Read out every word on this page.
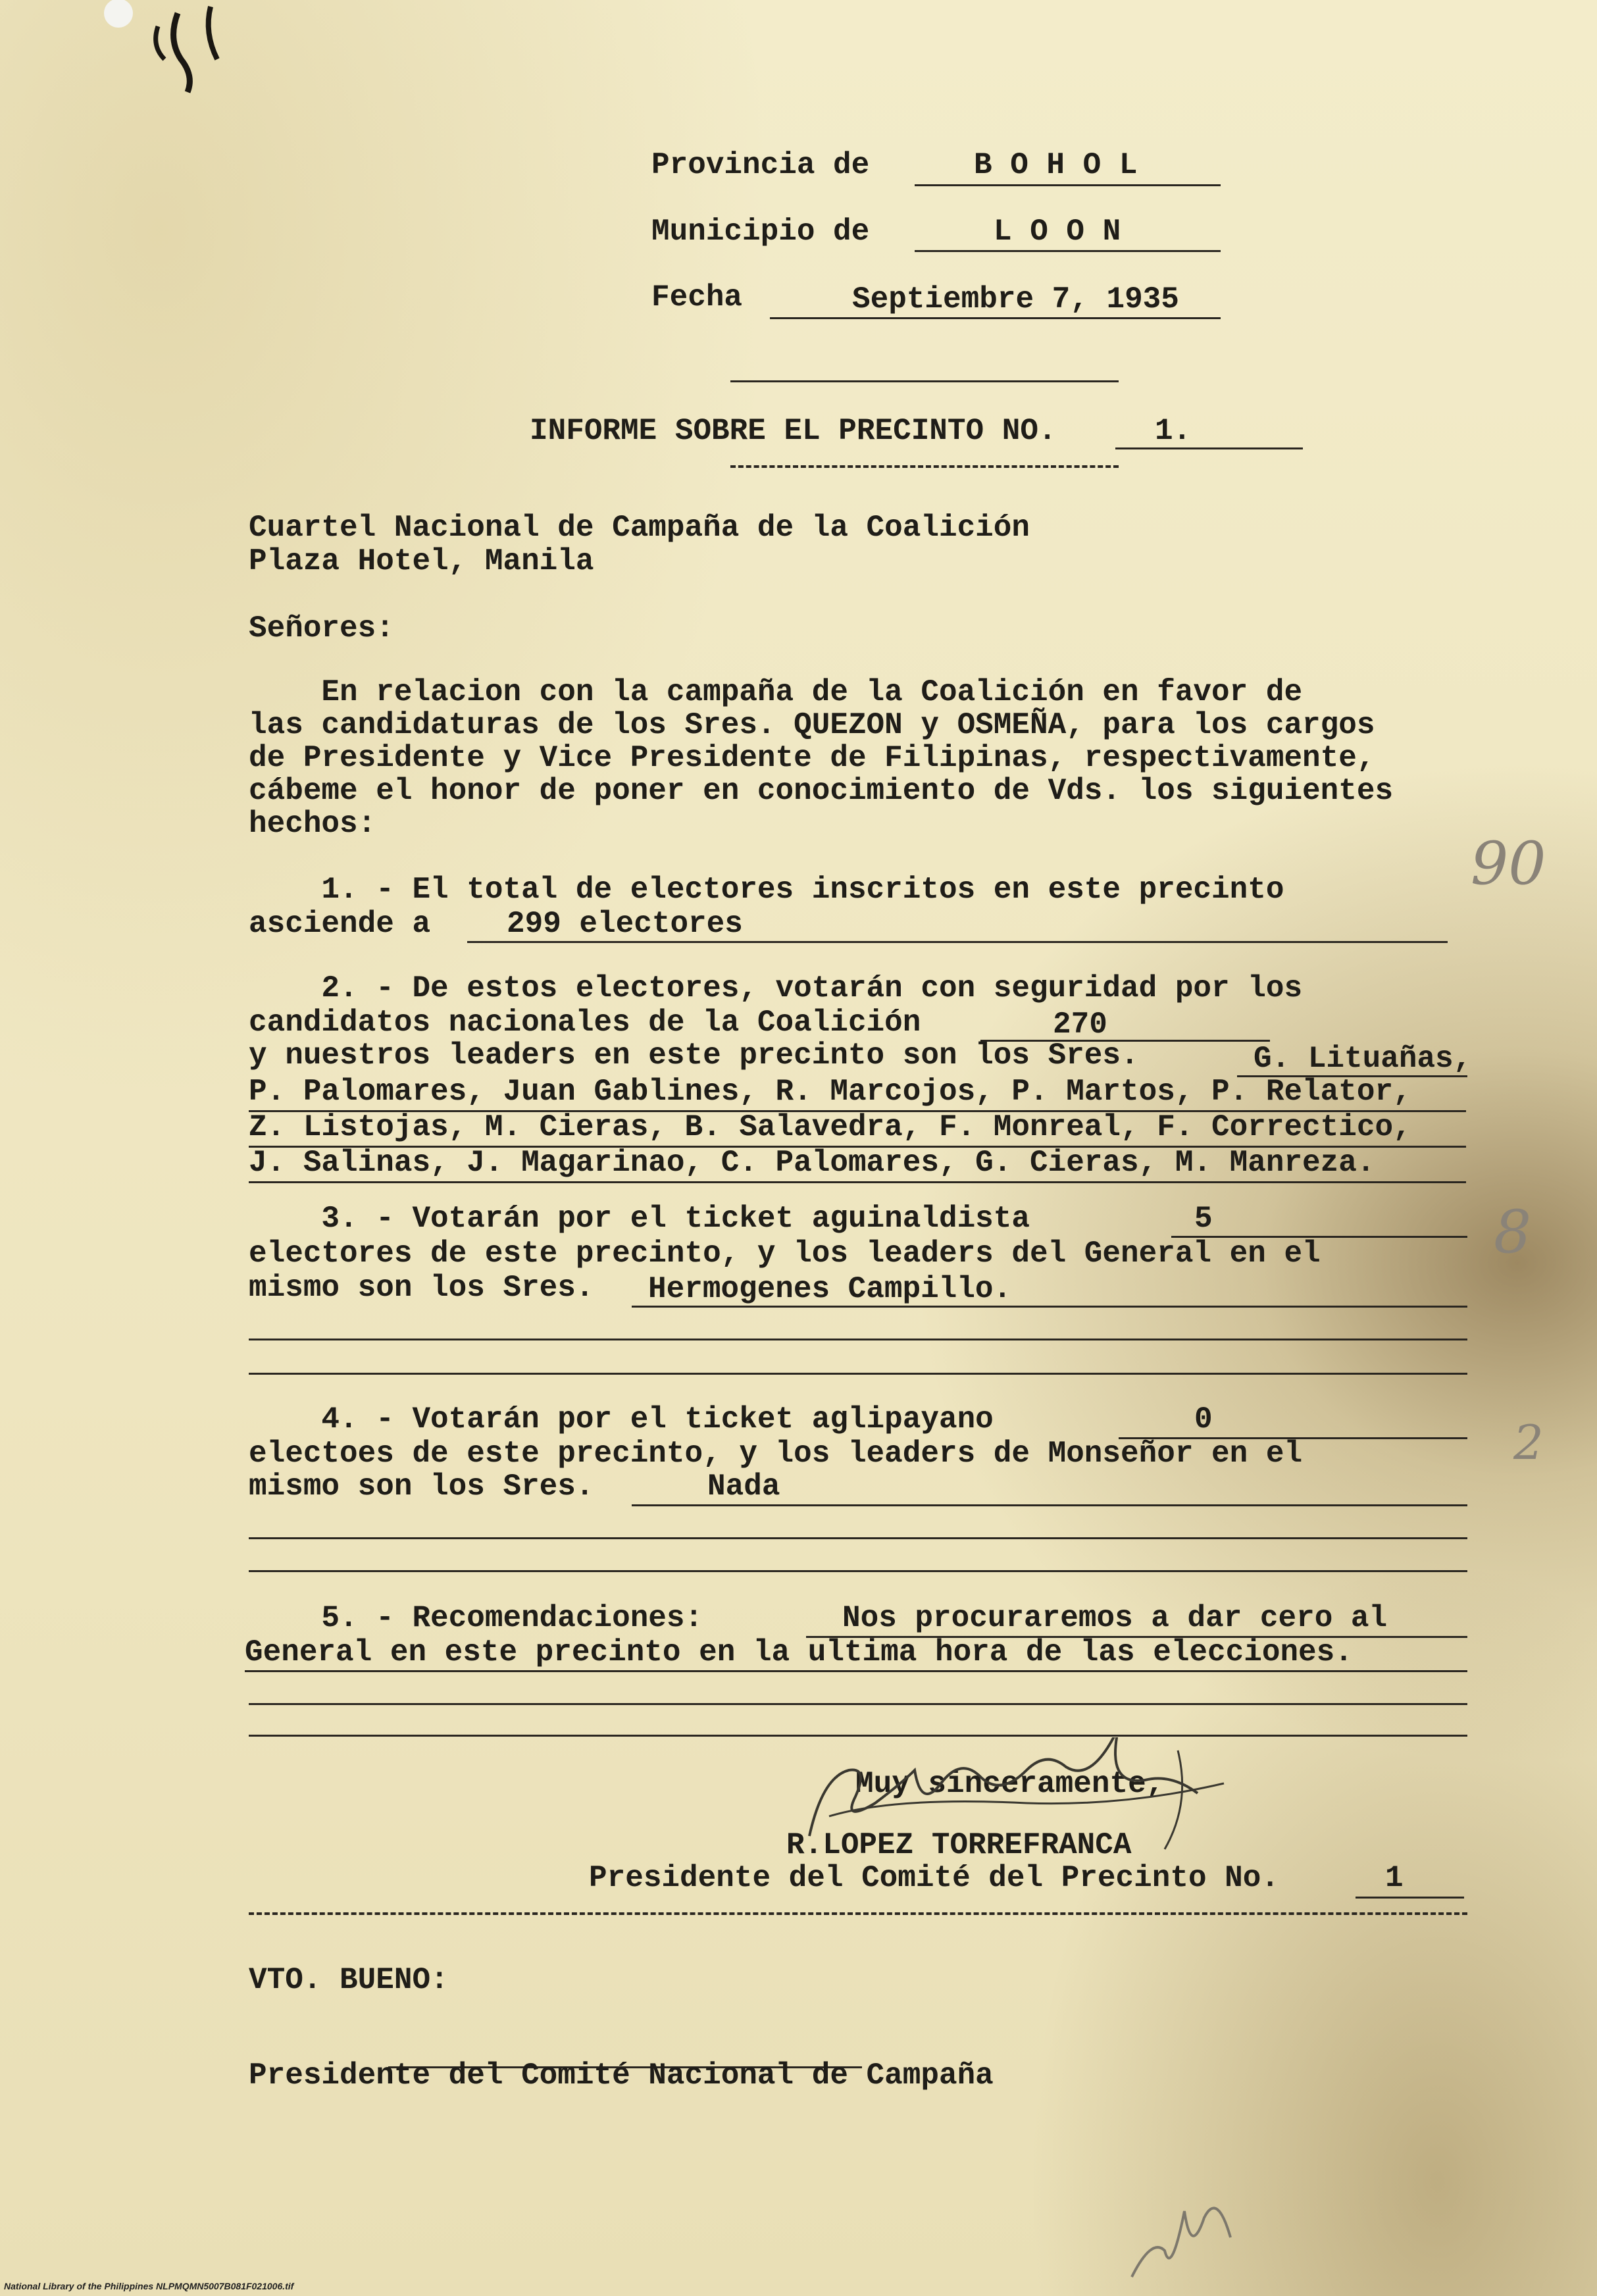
Provincia de	B O H O L
Municipio de	L O O N
Fecha	Septiembre 7, 1935
INFORME SOBRE EL PRECINTO NO.	1.
Cuartel Nacional de Campaña de la Coalición
Plaza Hotel, Manila
Señores:
En relacion con la campaña de la Coalición en favor de
las candidaturas de los Sres. QUEZON y OSMEÑA, para los cargos
de Presidente y Vice Presidente de Filipinas, respectivamente,
cábeme el honor de poner en conocimiento de Vds. los siguientes
hechos:
1. - El total de electores inscritos en este precinto
asciende a	299 electores
90
2. - De estos electores, votarán con seguridad por los
candidatos nacionales de la Coalición	270
y nuestros leaders en este precinto son los Sres.	G. Lituañas,
P. Palomares, Juan Gablines, R. Marcojos, P. Martos, P. Relator,
Z. Listojas, M. Cieras, B. Salavedra, F. Monreal, F. Correctico,
J. Salinas, J. Magarinao, C. Palomares, G. Cieras, M. Manreza.
3. - Votarán por el ticket aguinaldista	5
electores de este precinto, y los leaders del General en el
mismo son los Sres. Hermogenes Campillo.
8
4. - Votarán por el ticket aglipayano	0
electoes de este precinto, y los leaders de Monseñor en el
mismo son los Sres.	Nada
2
5. - Recomendaciones:	Nos procuraremos a dar cero al
General en este precinto en la ultima hora de las elecciones.
Muy sinceramente,
R.LOPEZ TORREFRANCA
Presidente del Comité del Precinto No.	1
VTO. BUENO:
Presidente del Comité Nacional de Campaña
National Library of the Philippines NLPMQMN5007B081F021006.tif
